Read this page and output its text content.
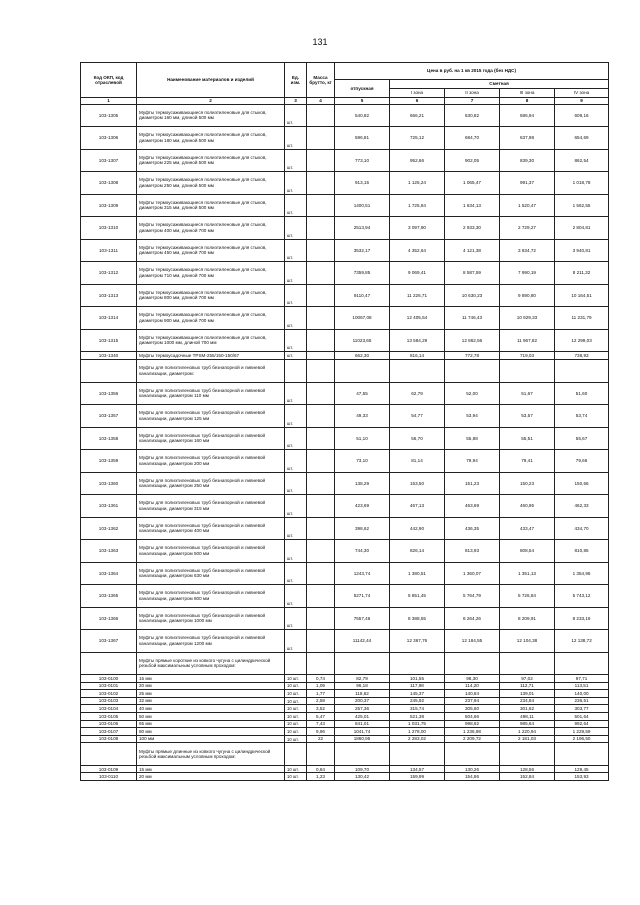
131
Код ОКП, код отраслевой	Наименование материалов и изделий	Ед. изм.	Масса брутто, кг	Цена в руб. на 1 кв 2015 года (без НДС)				
				отпускная	Сметная			
					I зона	II зона	III зона	IV зона
1	2	3	4	5	6	7	8	9
103-1305	Муфты термоусаживающиеся полиэтиленовые для стыков, диаметром 160 мм, длиной 500 мм	шт.		540,82	666,21	630,82	586,94	609,16
103-1306	Муфты термоусаживающиеся полиэтиленовые для стыков, диаметром 180 мм, длиной 500 мм	шт.		596,81	725,12	684,70	637,98	654,69
103-1307	Муфты термоусаживающиеся полиэтиленовые для стыков, диаметром 225 мм, длиной 500 мм	шт.		773,10	952,66	902,05	839,30	862,54
103-1308	Муфты термоусаживающиеся полиэтиленовые для стыков, диаметром 250 мм, длиной 500 мм	шт.		913,15	1 125,24	1 065,47	991,37	1 018,78
103-1309	Муфты термоусаживающиеся полиэтиленовые для стыков, диаметром 315 мм, длиной 500 мм	шт.		1400,51	1 725,84	1 634,13	1 520,47	1 562,55
103-1310	Муфты термоусаживающиеся полиэтиленовые для стыков, диаметром 400 мм, длиной 700 мм	шт.		2513,94	3 097,90	2 933,30	2 729,27	2 804,81
103-1311	Муфты термоусаживающиеся полиэтиленовые для стыков, диаметром 450 мм, длиной 700 мм	шт.		3532,17	4 352,64	4 121,38	3 834,72	3 940,81
103-1312	Муфты термоусаживающиеся полиэтиленовые для стыков, диаметром 710 мм, длиной 700 мм	шт.		7359,85	9 069,41	8 587,59	7 990,19	8 211,32
103-1313	Муфты термоусаживающиеся полиэтиленовые для стыков, диаметром 800 мм, длиной 700 мм	шт.		9110,47	11 226,71	10 630,23	9 890,80	10 164,51
103-1314	Муфты термоусаживающиеся полиэтиленовые для стыков, диаметром 900 мм, длиной 700 мм	шт.		10067,08	12 405,54	11 746,43	10 929,33	11 231,79
103-1315	Муфты термоусаживающиеся полиэтиленовые для стыков, диаметром 1000 мм, длиной 700 мм	шт.		11023,65	13 584,29	12 862,56	11 967,82	12 299,03
103-1340	Муфты термоусадочные TPSM-255/150-150/67	шт.		662,30	816,14	772,78	719,03	738,93
	Муфты для полиэтиленовых труб безнапорной и ливневой канализации, диаметром:							
103-1356	Муфты для полиэтиленовых труб безнапорной и ливневой канализации, диаметром 110 мм	шт.		47,55	62,79	52,00	51,67	51,60
103-1357	Муфты для полиэтиленовых труб безнапорной и ливневой канализации, диаметром 125 мм	шт.		49,33	54,77	53,94	53,57	53,74
103-1358	Муфты для полиэтиленовых труб безнапорной и ливневой канализации, диаметром 160 мм	шт.		51,10	56,70	55,88	55,51	55,67
103-1359	Муфты для полиэтиленовых труб безнапорной и ливневой канализации, диаметром 200 мм	шт.		73,10	81,14	79,94	79,41	79,66
103-1360	Муфты для полиэтиленовых труб безнапорной и ливневой канализации, диаметром 250 мм	шт.		138,29	153,50	151,23	150,23	150,66
103-1361	Муфты для полиэтиленовых труб безнапорной и ливневой канализации, диаметром 315 мм	шт.		423,69	467,13	463,69	460,95	462,33
103-1362	Муфты для полиэтиленовых труб безнапорной и ливневой канализации, диаметром 400 мм	шт.		398,62	442,90	436,35	433,47	434,70
103-1363	Муфты для полиэтиленовых труб безнапорной и ливневой канализации, диаметром 500 мм	шт.		744,30	826,14	813,93	808,54	810,85
103-1364	Муфты для полиэтиленовых труб безнапорной и ливневой канализации, диаметром 630 мм	шт.		1243,74	1 380,51	1 360,07	1 351,13	1 354,95
103-1365	Муфты для полиэтиленовых труб безнапорной и ливневой канализации, диаметром 800 мм	шт.		5271,74	5 851,45	5 764,79	5 726,84	5 743,12
103-1366	Муфты для полиэтиленовых труб безнапорной и ливневой канализации, диаметром 1000 мм	шт.		7557,46	8 388,55	8 264,26	8 209,91	8 233,19
103-1367	Муфты для полиэтиленовых труб безнапорной и ливневой канализации, диаметром 1200 мм	шт.		11142,44	12 367,76	12 184,55	12 104,38	12 138,72
	Муфты прямые короткие из ковкого чугуна с цилиндрической резьбой максимальным условным проходом:							
103-0100	15 мм	10 шт.	0,74	82,79	101,55	98,30	97,02	97,71
103-0101	20 мм	10 шт.	1,09	96,18	117,98	114,20	112,71	113,51
103-0102	25 мм	10 шт.	1,77	118,62	145,37	140,84	139,01	140,00
103-0103	32 мм	10 шт.	2,58	200,37	245,92	237,94	234,84	236,51
103-0104	40 мм	10 шт.	3,52	257,36	315,74	305,60	301,62	303,77
103-0105	50 мм	10 шт.	5,47	425,01	521,38	504,66	498,11	501,64
103-0106	65 мм	10 шт.	7,43	841,01	1 031,75	998,62	985,64	992,64
103-0107	80 мм	10 шт.	9,96	1041,74	1 278,00	1 236,98	1 220,94	1 229,59
103-0108	100 мм	10 шт.	22	1860,95	2 283,02	2 209,72	2 181,03	2 196,50
	Муфты прямые длинные из ковкого чугуна с цилиндрической резьбой максимальным условным проходом:							
103-0109	15 мм	10 шт.	0,84	109,70	134,57	130,26	128,56	129,45
103-0110	20 мм	10 шт.	1,23	130,42	159,99	154,86	152,84	153,93
